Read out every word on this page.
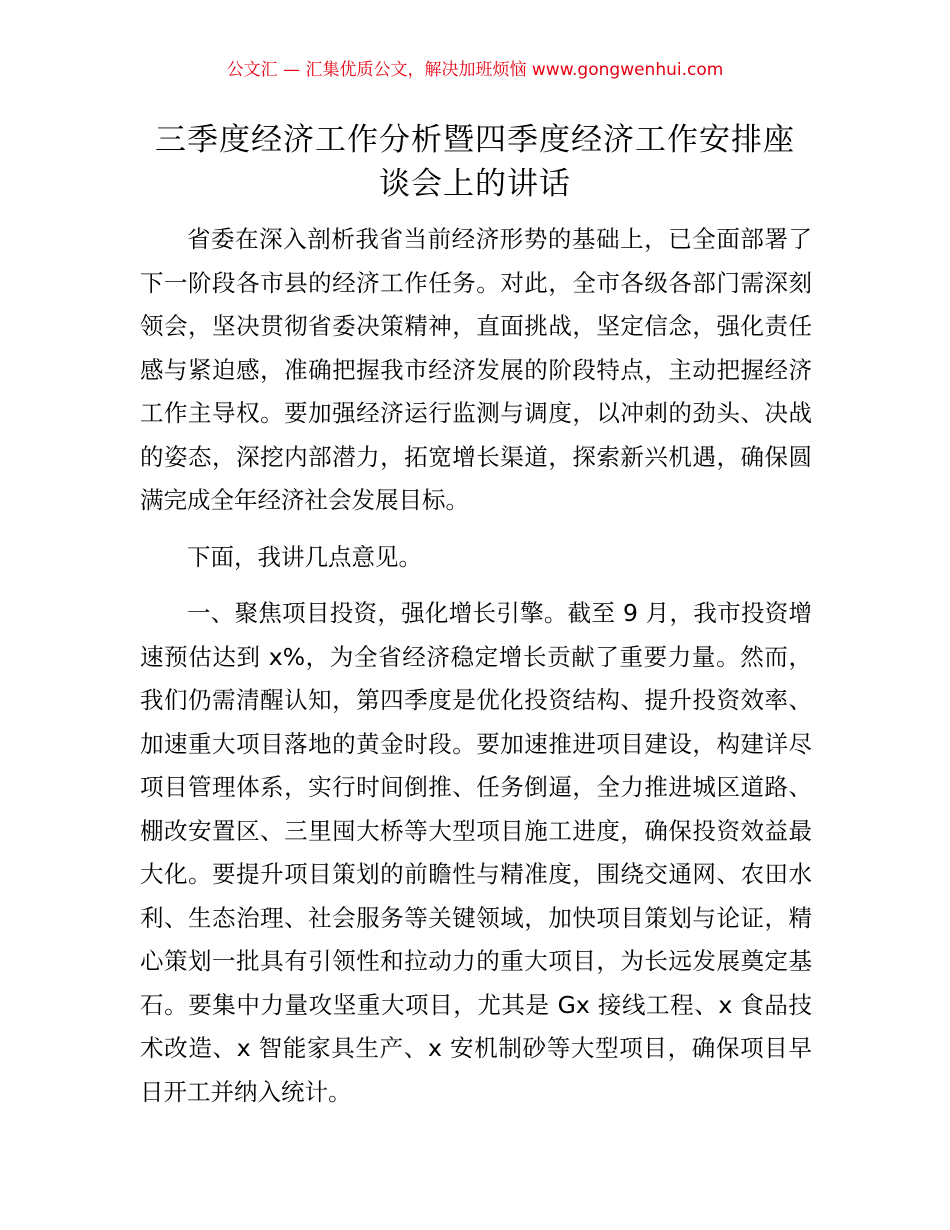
公文汇 — 汇集优质公文，解决加班烦恼 www.gongwenhui.com
三季度经济工作分析暨四季度经济工作安排座谈会上的讲话

省委在深入剖析我省当前经济形势的基础上，已全面部署了下一阶段各市县的经济工作任务。对此，全市各级各部门需深刻领会，坚决贯彻省委决策精神，直面挑战，坚定信念，强化责任感与紧迫感，准确把握我市经济发展的阶段特点，主动把握经济工作主导权。要加强经济运行监测与调度，以冲刺的劲头、决战的姿态，深挖内部潜力，拓宽增长渠道，探索新兴机遇，确保圆满完成全年经济社会发展目标。

下面，我讲几点意见。

一、聚焦项目投资，强化增长引擎。截至 9 月，我市投资增速预估达到 x%，为全省经济稳定增长贡献了重要力量。然而，我们仍需清醒认知，第四季度是优化投资结构、提升投资效率、加速重大项目落地的黄金时段。要加速推进项目建设，构建详尽项目管理体系，实行时间倒推、任务倒逼，全力推进城区道路、棚改安置区、三里囤大桥等大型项目施工进度，确保投资效益最大化。要提升项目策划的前瞻性与精准度，围绕交通网、农田水利、生态治理、社会服务等关键领域，加快项目策划与论证，精心策划一批具有引领性和拉动力的重大项目，为长远发展奠定基石。要集中力量攻坚重大项目，尤其是 Gx 接线工程、x 食品技术改造、x 智能家具生产、x 安机制砂等大型项目，确保项目早日开工并纳入统计。
